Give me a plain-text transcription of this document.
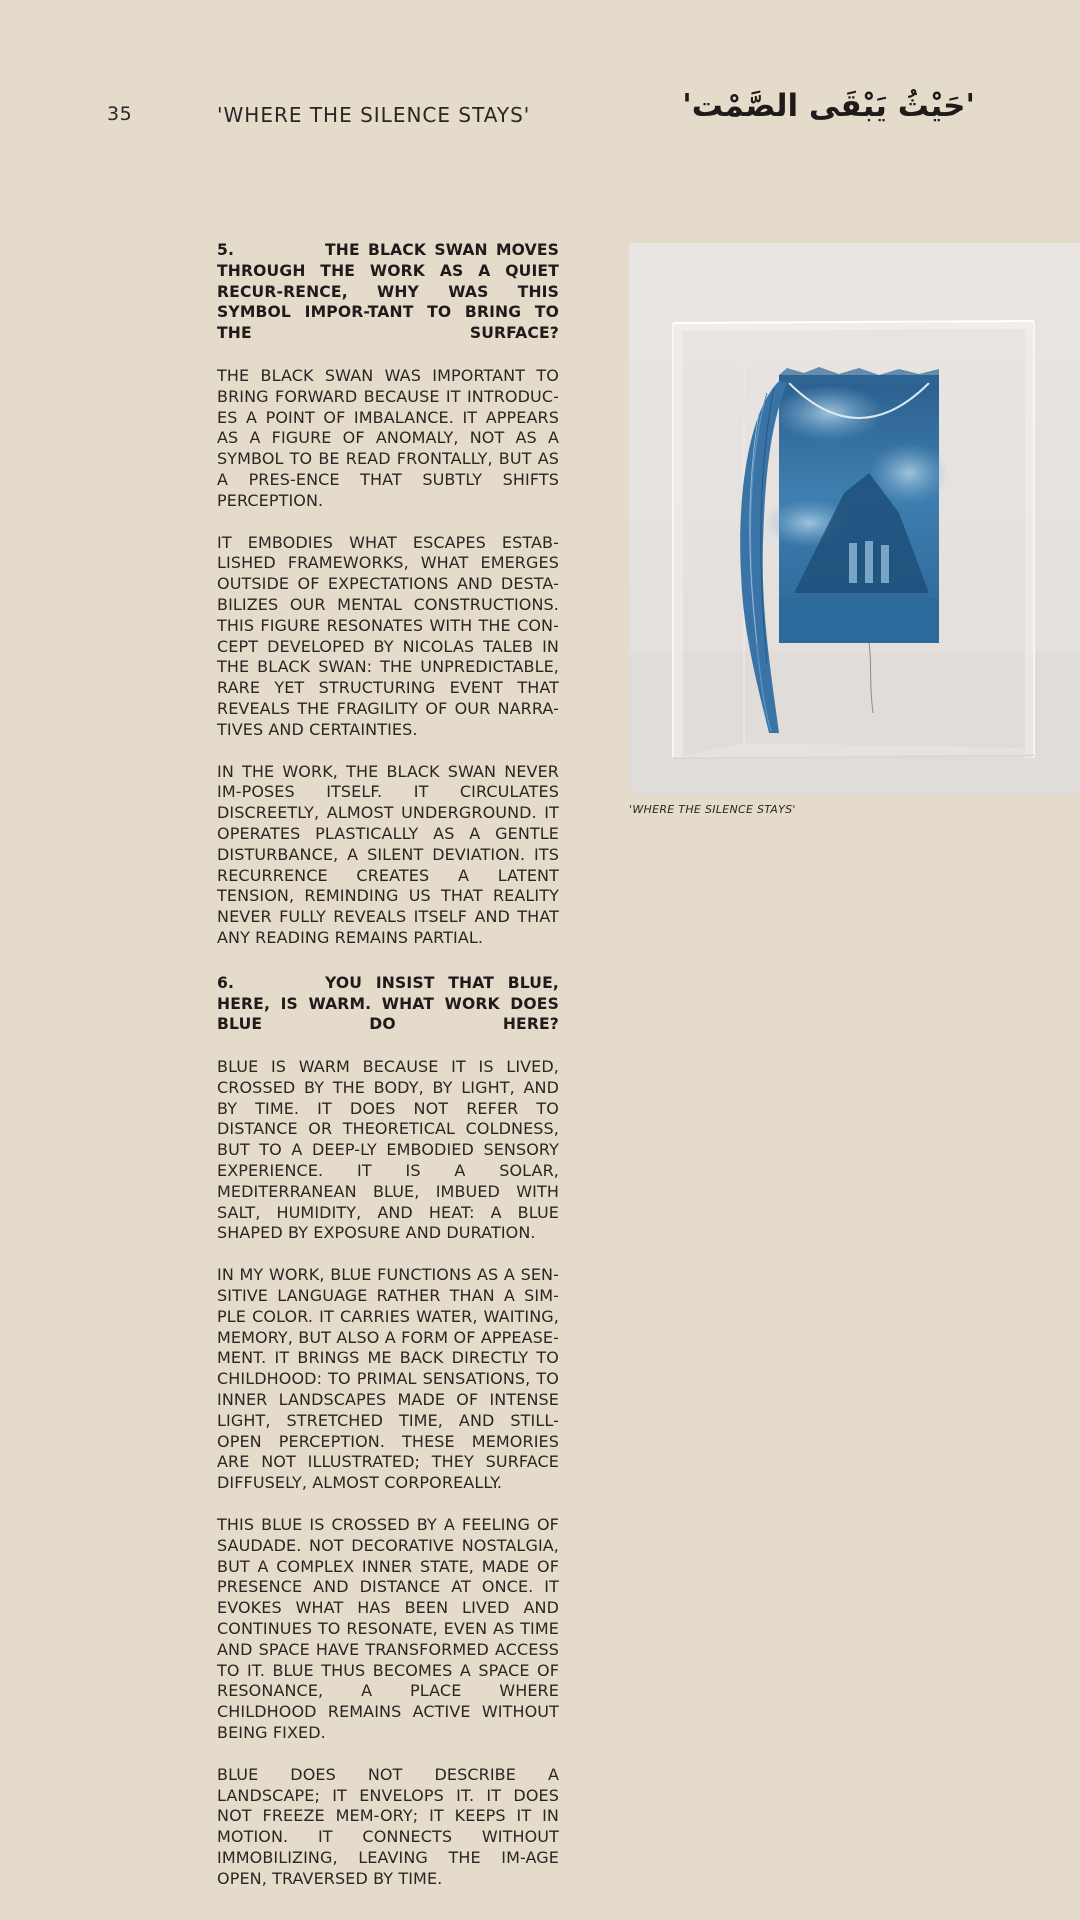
35	'WHERE THE SILENCE STAYS'	'حَيْثُ يَبْقَى الصَّمْت'
5.	THE BLACK SWAN MOVES THROUGH THE WORK AS A QUIET RECUR-RENCE, WHY WAS THIS SYMBOL IMPOR-TANT TO BRING TO THE SURFACE?

THE BLACK SWAN WAS IMPORTANT TO BRING FORWARD BECAUSE IT INTRODUC-ES A POINT OF IMBALANCE. IT APPEARS AS A FIGURE OF ANOMALY, NOT AS A SYMBOL TO BE READ FRONTALLY, BUT AS A PRES-ENCE THAT SUBTLY SHIFTS PERCEPTION.

IT EMBODIES WHAT ESCAPES ESTAB-LISHED FRAMEWORKS, WHAT EMERGES OUTSIDE OF EXPECTATIONS AND DESTA-BILIZES OUR MENTAL CONSTRUCTIONS. THIS FIGURE RESONATES WITH THE CON-CEPT DEVELOPED BY NICOLAS TALEB IN THE BLACK SWAN: THE UNPREDICTABLE, RARE YET STRUCTURING EVENT THAT REVEALS THE FRAGILITY OF OUR NARRA-TIVES AND CERTAINTIES.

IN THE WORK, THE BLACK SWAN NEVER IM-POSES ITSELF. IT CIRCULATES DISCREETLY, ALMOST UNDERGROUND. IT OPERATES PLASTICALLY AS A GENTLE DISTURBANCE, A SILENT DEVIATION. ITS RECURRENCE CREATES A LATENT TENSION, REMINDING US THAT REALITY NEVER FULLY REVEALS ITSELF AND THAT ANY READING REMAINS PARTIAL.

6.	YOU INSIST THAT BLUE, HERE, IS WARM. WHAT WORK DOES BLUE DO HERE?

BLUE IS WARM BECAUSE IT IS LIVED, CROSSED BY THE BODY, BY LIGHT, AND BY TIME. IT DOES NOT REFER TO DISTANCE OR THEORETICAL COLDNESS, BUT TO A DEEP-LY EMBODIED SENSORY EXPERIENCE. IT IS A SOLAR, MEDITERRANEAN BLUE, IMBUED WITH SALT, HUMIDITY, AND HEAT: A BLUE SHAPED BY EXPOSURE AND DURATION.

IN MY WORK, BLUE FUNCTIONS AS A SEN-SITIVE LANGUAGE RATHER THAN A SIM-PLE COLOR. IT CARRIES WATER, WAITING, MEMORY, BUT ALSO A FORM OF APPEASE-MENT. IT BRINGS ME BACK DIRECTLY TO CHILDHOOD: TO PRIMAL SENSATIONS, TO INNER LANDSCAPES MADE OF INTENSE LIGHT, STRETCHED TIME, AND STILL-OPEN PERCEPTION. THESE MEMORIES ARE NOT ILLUSTRATED; THEY SURFACE DIFFUSELY, ALMOST CORPOREALLY.

THIS BLUE IS CROSSED BY A FEELING OF SAUDADE. NOT DECORATIVE NOSTALGIA, BUT A COMPLEX INNER STATE, MADE OF PRESENCE AND DISTANCE AT ONCE. IT EVOKES WHAT HAS BEEN LIVED AND CONTINUES TO RESONATE, EVEN AS TIME AND SPACE HAVE TRANSFORMED ACCESS TO IT. BLUE THUS BECOMES A SPACE OF RESONANCE, A PLACE WHERE CHILDHOOD REMAINS ACTIVE WITHOUT BEING FIXED.

BLUE DOES NOT DESCRIBE A LANDSCAPE; IT ENVELOPS IT. IT DOES NOT FREEZE MEM-ORY; IT KEEPS IT IN MOTION. IT CONNECTS WITHOUT IMMOBILIZING, LEAVING THE IM-AGE OPEN, TRAVERSED BY TIME.

'WHERE THE SILENCE STAYS'
